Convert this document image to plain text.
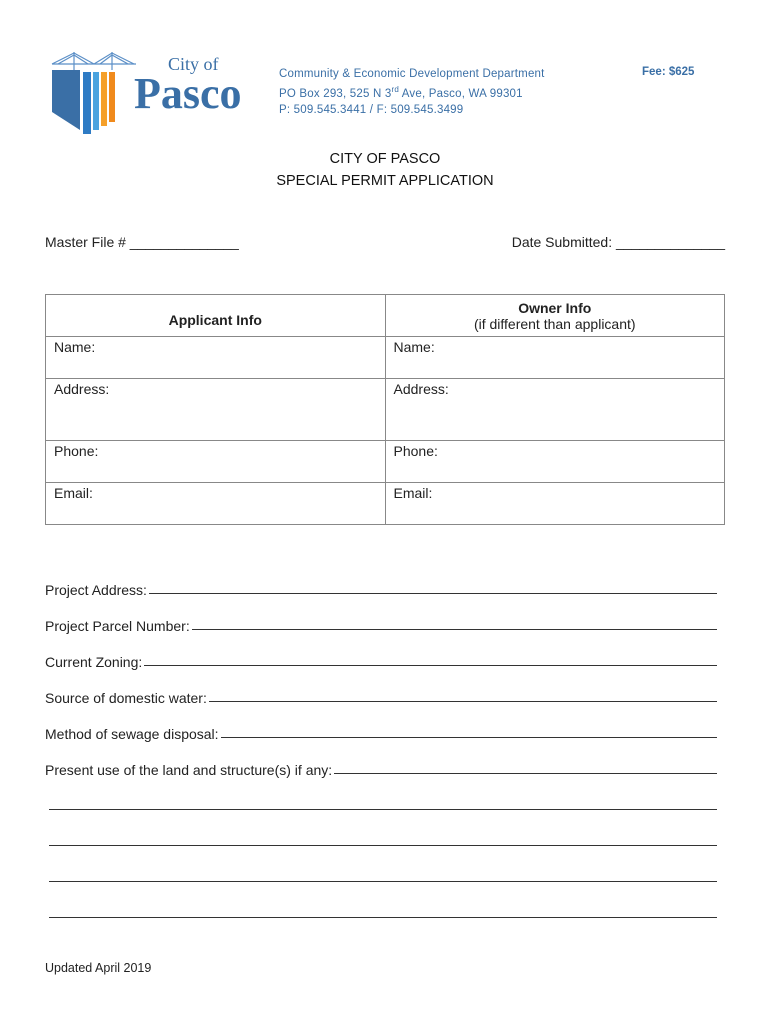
City of
Pasco	Community & Economic Development Department
PO Box 293, 525 N 3rd Ave, Pasco, WA 99301
P: 509.545.3441 / F: 509.545.3499
Fee: $625
CITY OF PASCO
SPECIAL PERMIT APPLICATION
Master File # ______________	Date Submitted: ______________
Applicant Info	Owner Info
(if different than applicant)

Name:	Name:
Address:	Address:
Phone:	Phone:
Email:	Email:
Project Address:
Project Parcel Number:
Current Zoning:
Source of domestic water:
Method of sewage disposal:
Present use of the land and structure(s) if any:
Updated April 2019
